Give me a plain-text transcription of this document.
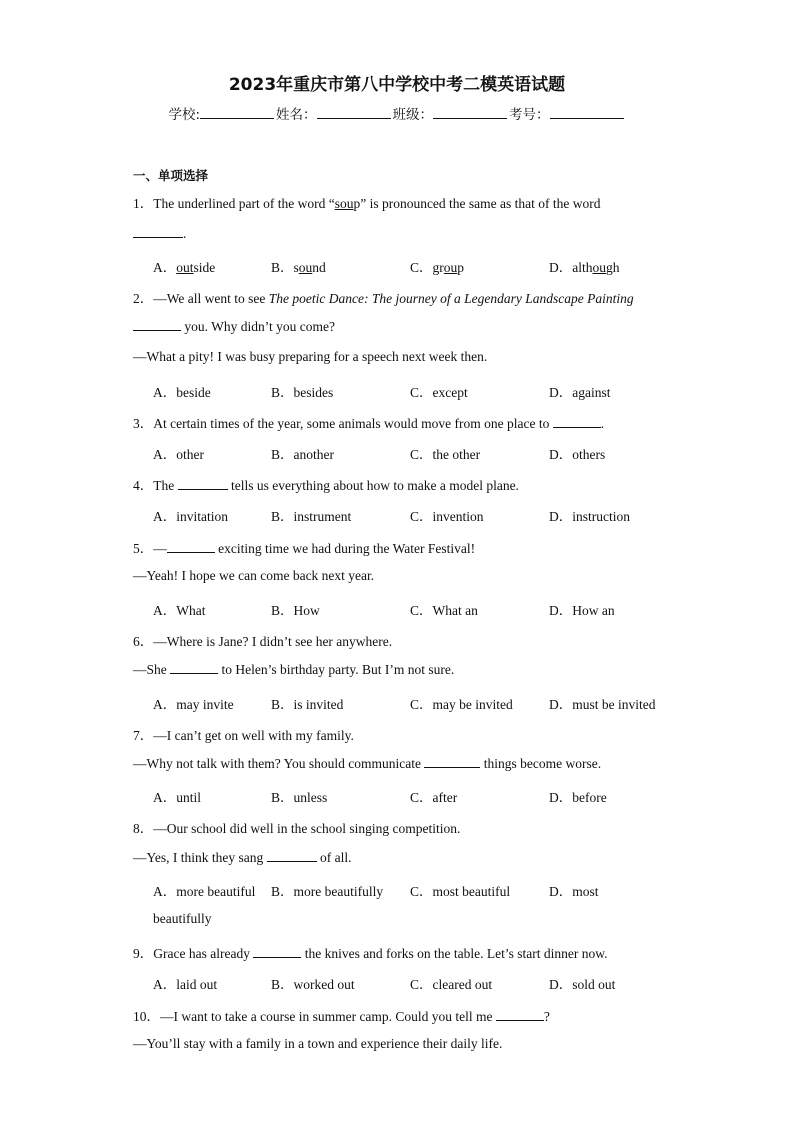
2023年重庆市第八中学校中考二模英语试题
学校:	姓名：	班级：	考号：
一、单项选择
1．The underlined part of the word “soup” is pronounced the same as that of the word
.
A．outside	B．sound	C．group	D．although
2．—We all went to see The poetic Dance: The journey of a Legendary Landscape Painting
you. Why didn’t you come?
—What a pity! I was busy preparing for a speech next week then.
A．beside	B．besides	C．except	D．against
3．At certain times of the year, some animals would move from one place to	.
A．other	B．another	C．the other	D．others
4．The	tells us everything about how to make a model plane.
A．invitation	B．instrument	C．invention	D．instruction
5．—	exciting time we had during the Water Festival!
—Yeah! I hope we can come back next year.
A．What	B．How	C．What an	D．How an
6．—Where is Jane? I didn’t see her anywhere.
—She	to Helen’s birthday party. But I’m not sure.
A．may invite	B．is invited	C．may be invited	D．must be invited
7．—I can’t get on well with my family.
—Why not talk with them? You should communicate	things become worse.
A．until	B．unless	C．after	D．before
8．—Our school did well in the school singing competition.
—Yes, I think they sang	of all.
A．more beautiful B．more beautifully C．most beautiful	D．most
beautifully
9．Grace has already	the knives and forks on the table. Let’s start dinner now.
A．laid out	B．worked out	C．cleared out	D．sold out
10．—I want to take a course in summer camp. Could you tell me	?
—You’ll stay with a family in a town and experience their daily life.
